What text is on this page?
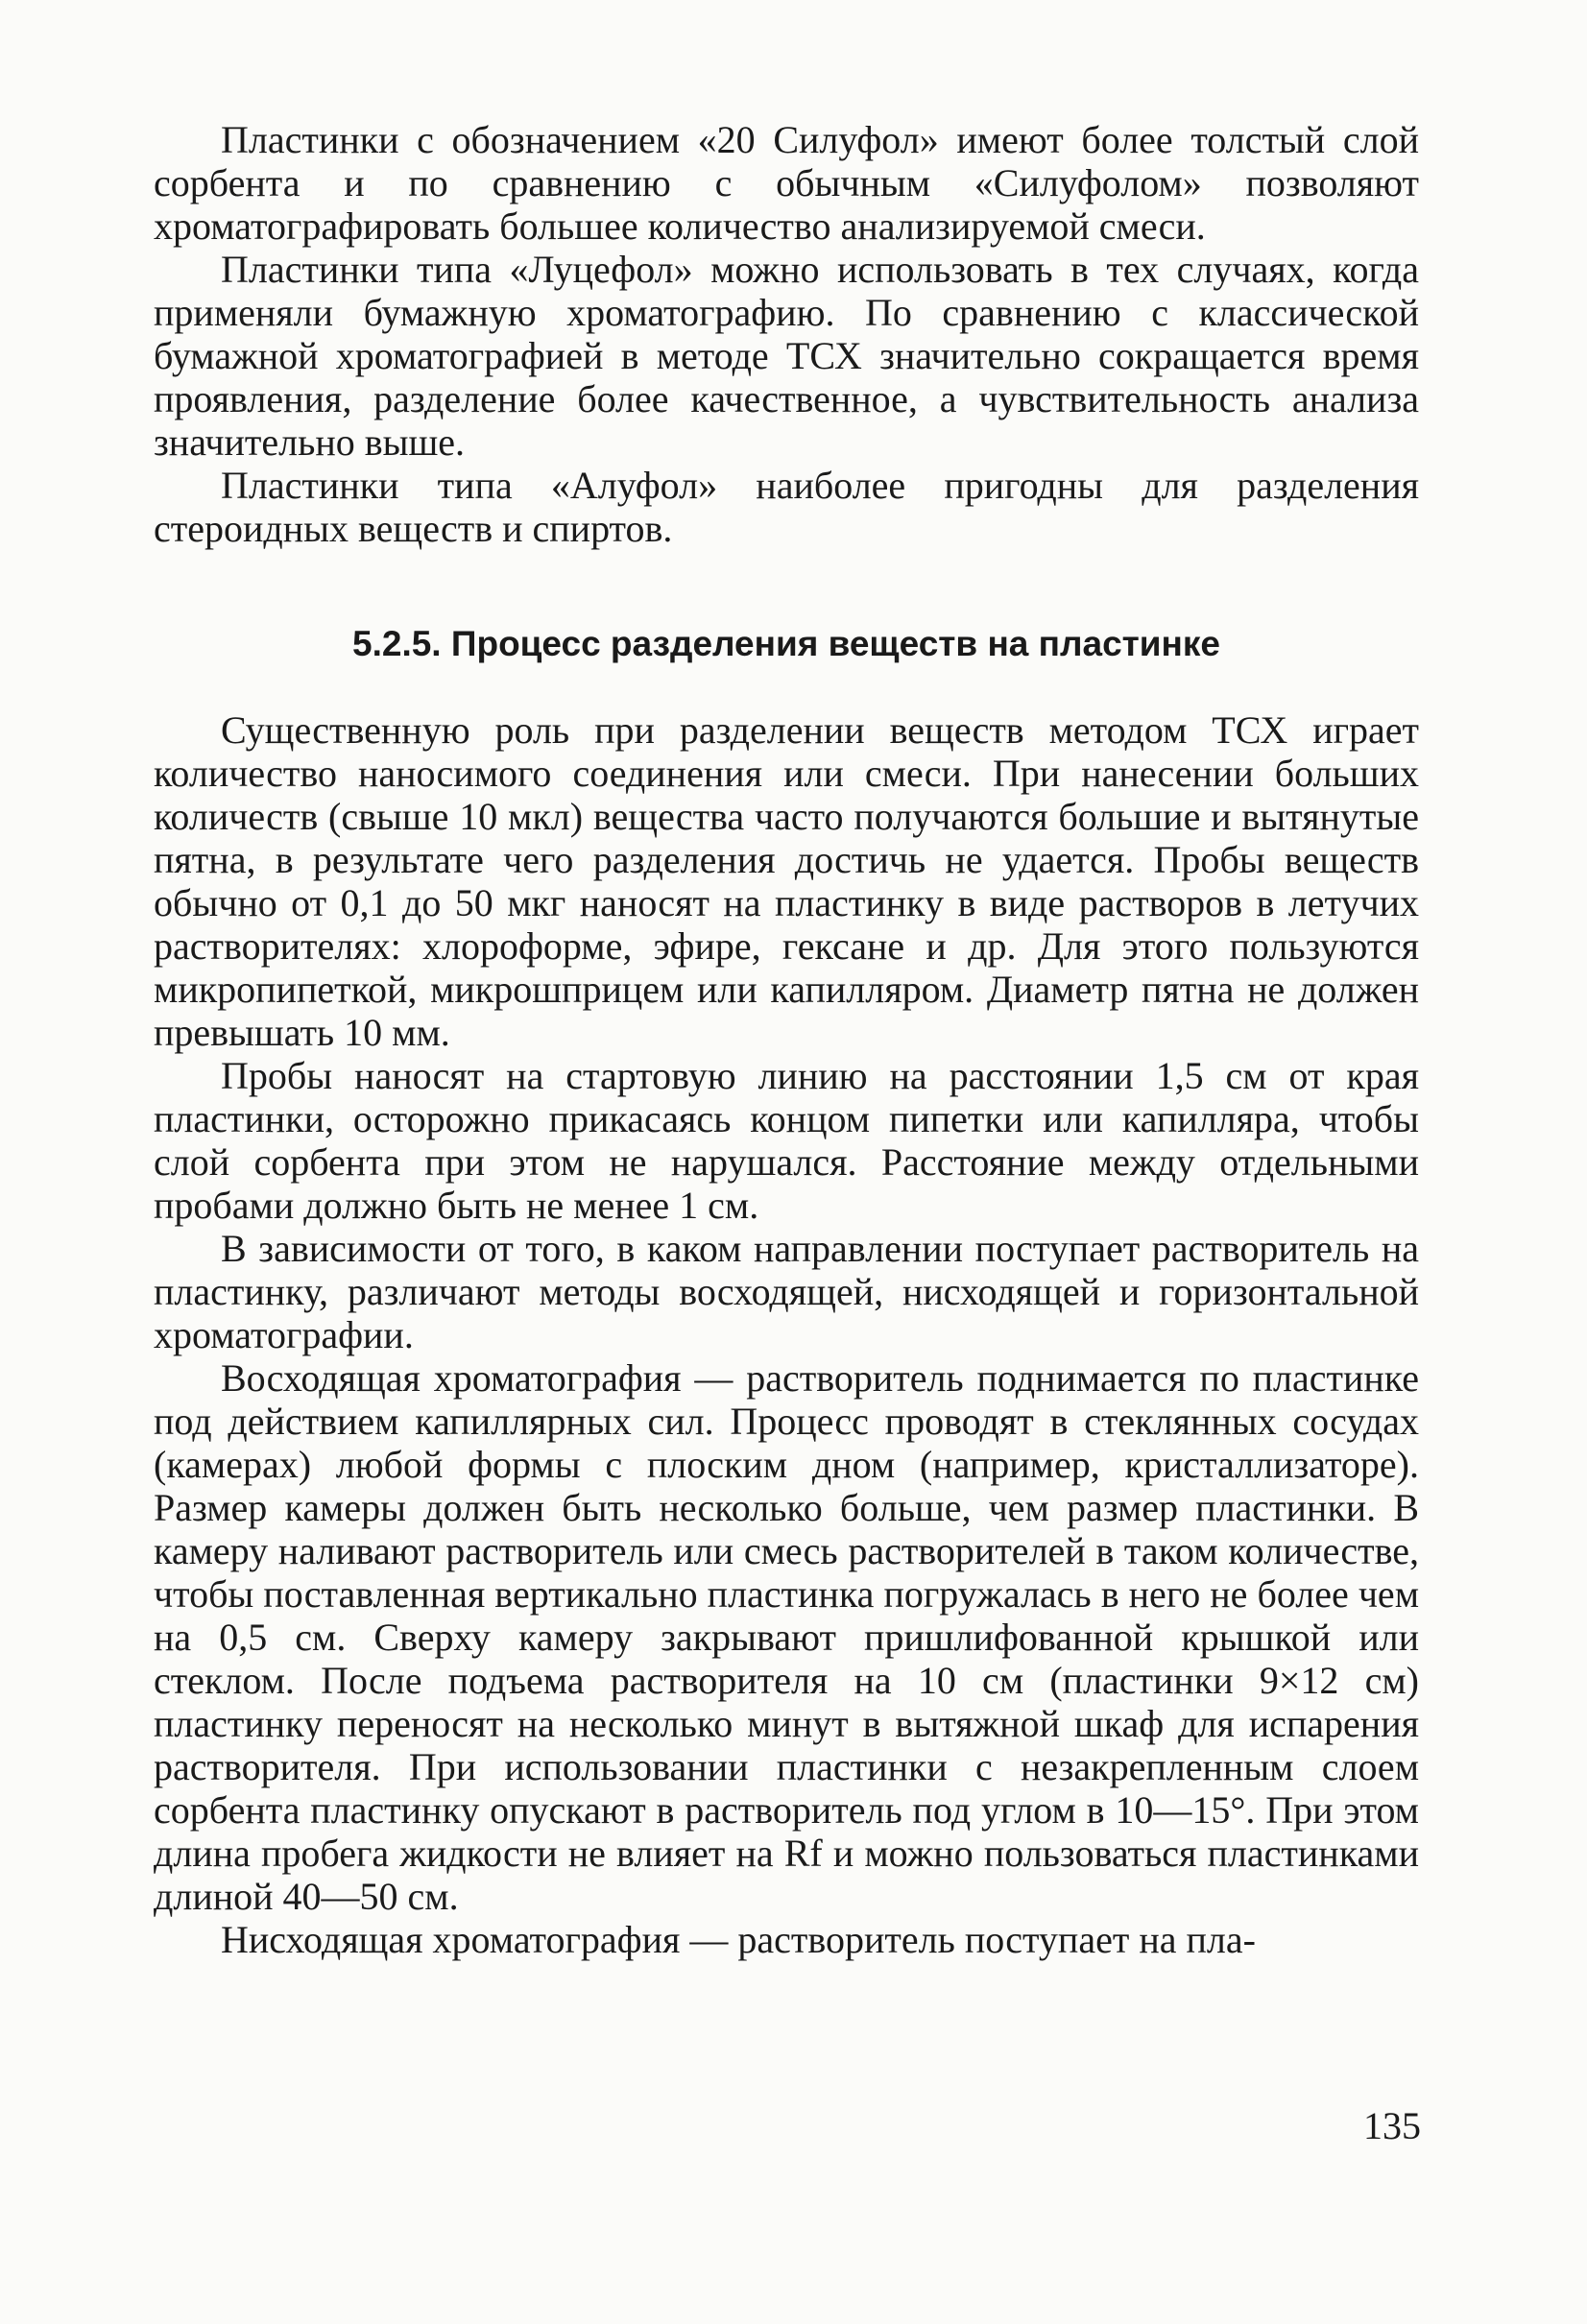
Пластинки с обозначением «20 Силуфол» имеют более толстый слой сорбента и по сравнению с обычным «Силуфолом» позволяют хроматографировать большее количество анализируемой смеси.

Пластинки типа «Луцефол» можно использовать в тех случаях, когда применяли бумажную хроматографию. По сравнению с классической бумажной хроматографией в методе ТСХ значительно сокращается время проявления, разделение более качественное, а чувствительность анализа значительно выше.

Пластинки типа «Алуфол» наиболее пригодны для разделения стероидных веществ и спиртов.

5.2.5. Процесс разделения веществ на пластинке

Существенную роль при разделении веществ методом ТСХ играет количество наносимого соединения или смеси. При нанесении больших количеств (свыше 10 мкл) вещества часто получаются большие и вытянутые пятна, в результате чего разделения достичь не удается. Пробы веществ обычно от 0,1 до 50 мкг наносят на пластинку в виде растворов в летучих растворителях: хлороформе, эфире, гексане и др. Для этого пользуются микропипеткой, микрошприцем или капилляром. Диаметр пятна не должен превышать 10 мм.

Пробы наносят на стартовую линию на расстоянии 1,5 см от края пластинки, осторожно прикасаясь концом пипетки или капилляра, чтобы слой сорбента при этом не нарушался. Расстояние между отдельными пробами должно быть не менее 1 см.

В зависимости от того, в каком направлении поступает растворитель на пластинку, различают методы восходящей, нисходящей и горизонтальной хроматографии.

Восходящая хроматография — растворитель поднимается по пластинке под действием капиллярных сил. Процесс проводят в стеклянных сосудах (камерах) любой формы с плоским дном (например, кристаллизаторе). Размер камеры должен быть несколько больше, чем размер пластинки. В камеру наливают растворитель или смесь растворителей в таком количестве, чтобы поставленная вертикально пластинка погружалась в него не более чем на 0,5 см. Сверху камеру закрывают пришлифованной крышкой или стеклом. После подъема растворителя на 10 см (пластинки 9×12 см) пластинку переносят на несколько минут в вытяжной шкаф для испарения растворителя. При использовании пластинки с незакрепленным слоем сорбента пластинку опускают в растворитель под углом в 10—15°. При этом длина пробега жидкости не влияет на Rf и можно пользоваться пластинками длиной 40—50 см.

Нисходящая хроматография — растворитель поступает на пла-

135
